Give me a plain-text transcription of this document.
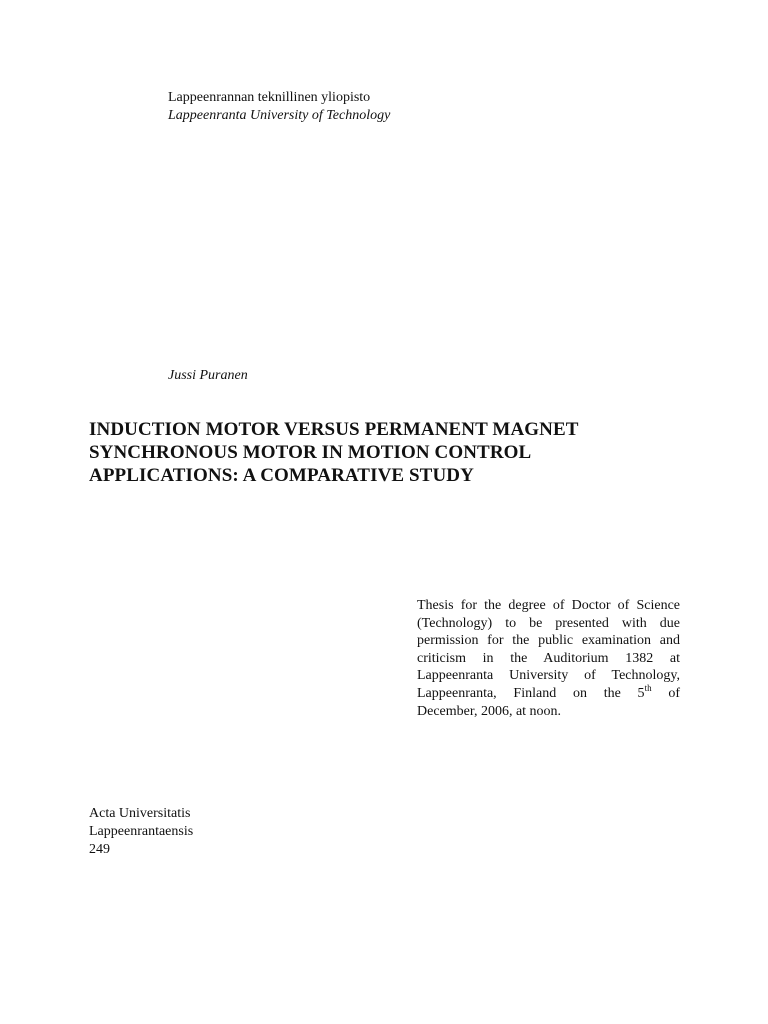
Lappeenrannan teknillinen yliopisto
Lappeenranta University of Technology
Jussi Puranen
INDUCTION MOTOR VERSUS PERMANENT MAGNET
SYNCHRONOUS MOTOR IN MOTION CONTROL
APPLICATIONS: A COMPARATIVE STUDY
Thesis for the degree of Doctor of Science
(Technology) to be presented with due
permission for the public examination and
criticism in the Auditorium 1382 at
Lappeenranta University of Technology,
Lappeenranta, Finland on the 5th of
December, 2006, at noon.
Acta Universitatis
Lappeenrantaensis
249
